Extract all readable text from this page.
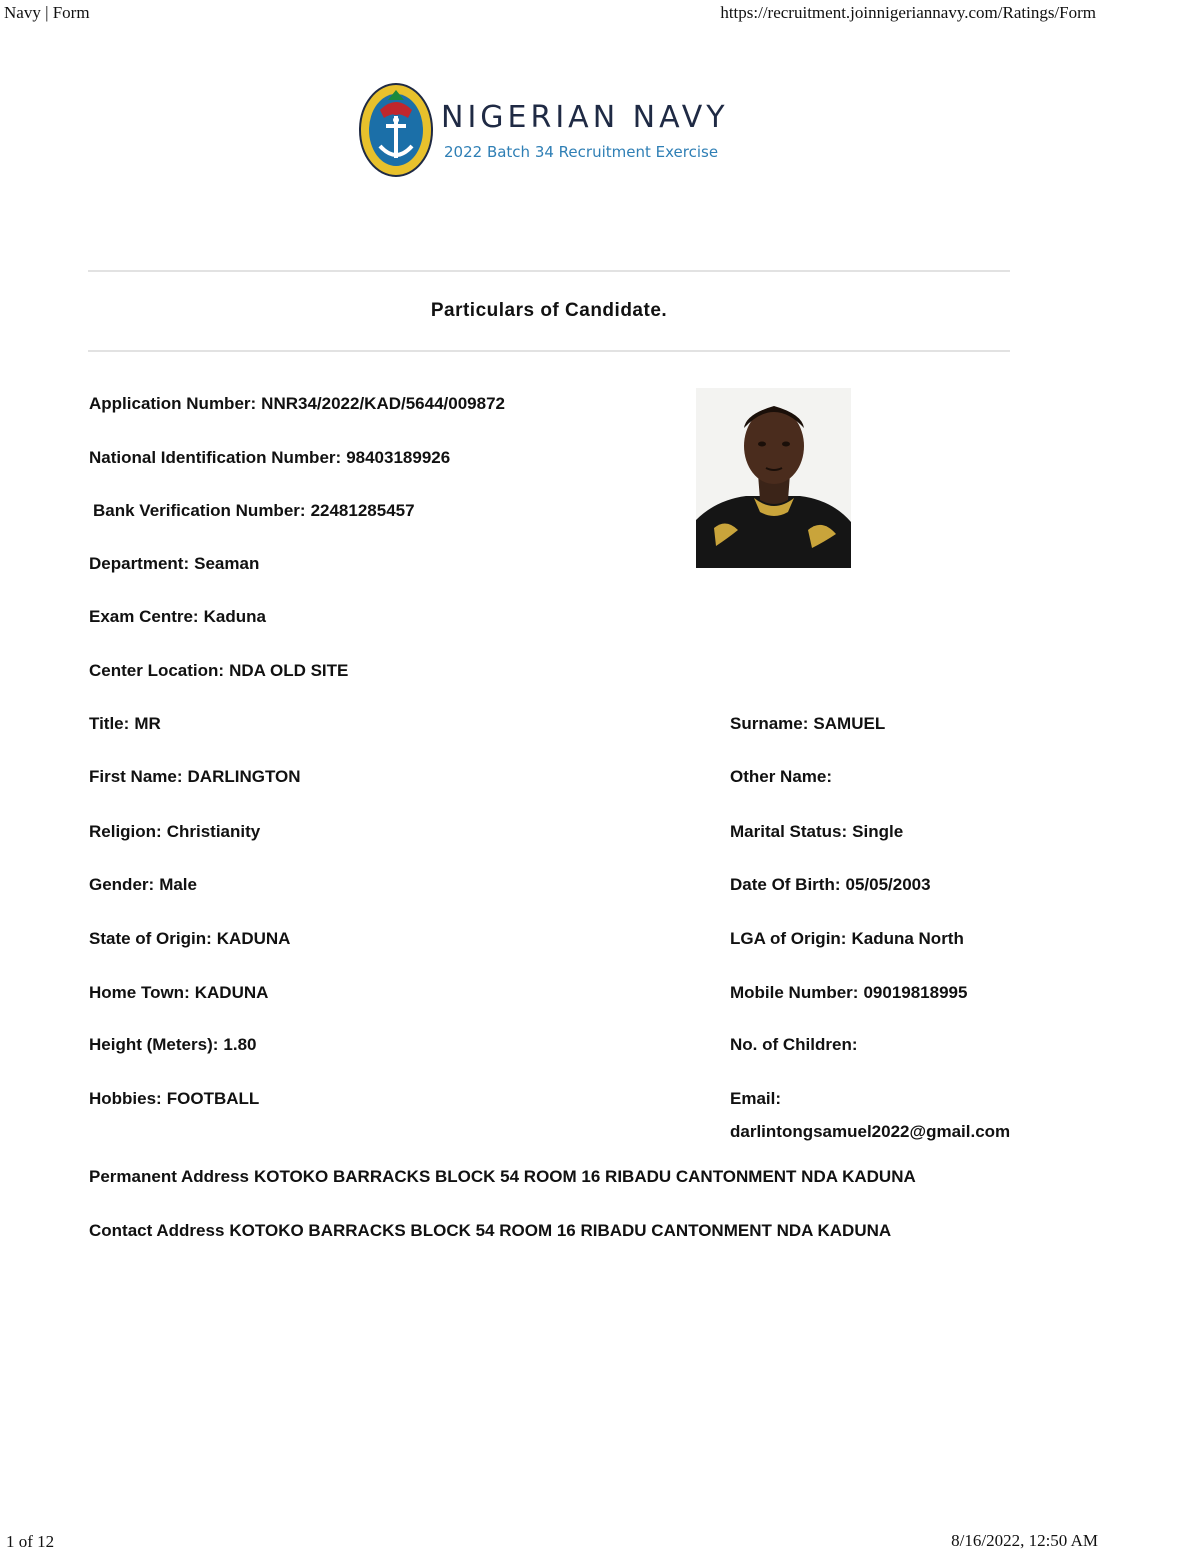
Navy | Form	https://recruitment.joinnigeriannavy.com/Ratings/Form
NIGERIAN NAVY
2022 Batch 34 Recruitment Exercise
Particulars of Candidate.
Application Number: NNR34/2022/KAD/5644/009872
National Identification Number: 98403189926
Bank Verification Number: 22481285457
Department: Seaman
Exam Centre: Kaduna
Center Location: NDA OLD SITE
Title: MR	Surname: SAMUEL
First Name: DARLINGTON	Other Name:
Religion: Christianity	Marital Status: Single
Gender: Male	Date Of Birth: 05/05/2003
State of Origin: KADUNA	LGA of Origin: Kaduna North
Home Town: KADUNA	Mobile Number: 09019818995
Height (Meters): 1.80	No. of Children:
Hobbies: FOOTBALL	Email:
darlintongsamuel2022@gmail.com
Permanent Address KOTOKO BARRACKS BLOCK 54 ROOM 16 RIBADU CANTONMENT NDA KADUNA
Contact Address KOTOKO BARRACKS BLOCK 54 ROOM 16 RIBADU CANTONMENT NDA KADUNA
1 of 12	8/16/2022, 12:50 AM
